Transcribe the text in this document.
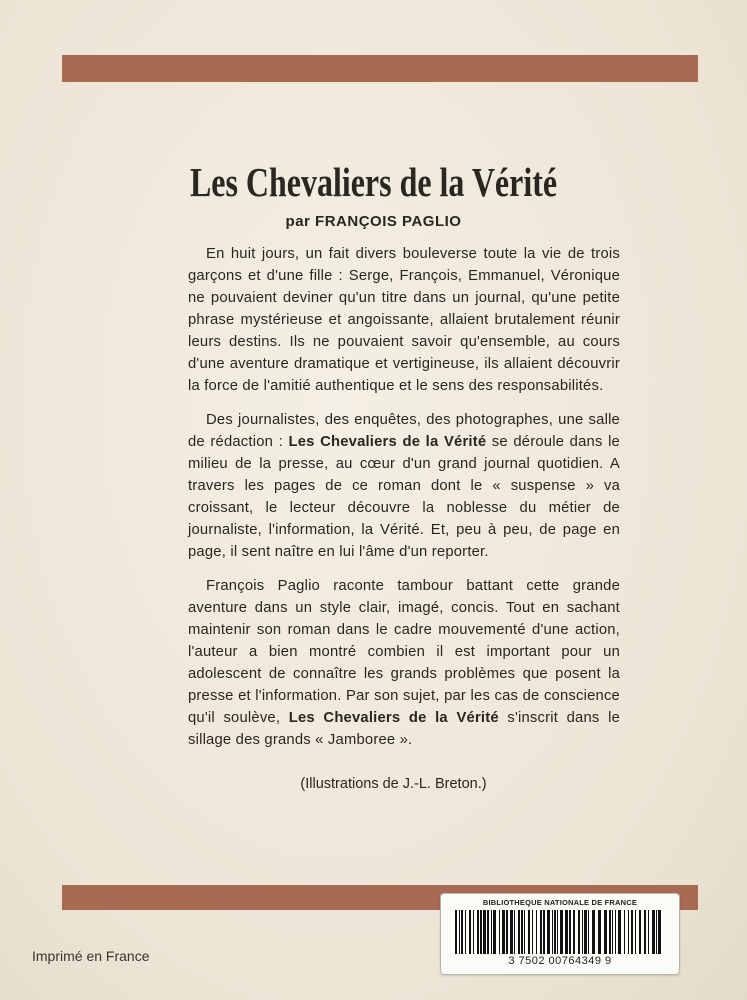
Les Chevaliers de la Vérité
par FRANÇOIS PAGLIO

En huit jours, un fait divers bouleverse toute la vie de trois garçons et d'une fille : Serge, François, Emmanuel, Véronique ne pouvaient deviner qu'un titre dans un journal, qu'une petite phrase mystérieuse et angoissante, allaient brutalement réunir leurs destins. Ils ne pouvaient savoir qu'ensemble, au cours d'une aventure dramatique et vertigineuse, ils allaient découvrir la force de l'amitié authentique et le sens des responsabilités.

Des journalistes, des enquêtes, des photographes, une salle de rédaction : Les Chevaliers de la Vérité se déroule dans le milieu de la presse, au cœur d'un grand journal quotidien. A travers les pages de ce roman dont le « suspense » va croissant, le lecteur découvre la noblesse du métier de journaliste, l'information, la Vérité. Et, peu à peu, de page en page, il sent naître en lui l'âme d'un reporter.

François Paglio raconte tambour battant cette grande aventure dans un style clair, imagé, concis. Tout en sachant maintenir son roman dans le cadre mouvementé d'une action, l'auteur a bien montré combien il est important pour un adolescent de connaître les grands problèmes que posent la presse et l'information. Par son sujet, par les cas de conscience qu'il soulève, Les Chevaliers de la Vérité s'inscrit dans le sillage des grands « Jamboree ».

(Illustrations de J.-L. Breton.)
Imprimé en France
BIBLIOTHEQUE NATIONALE DE FRANCE
3 7502 00764349 9
